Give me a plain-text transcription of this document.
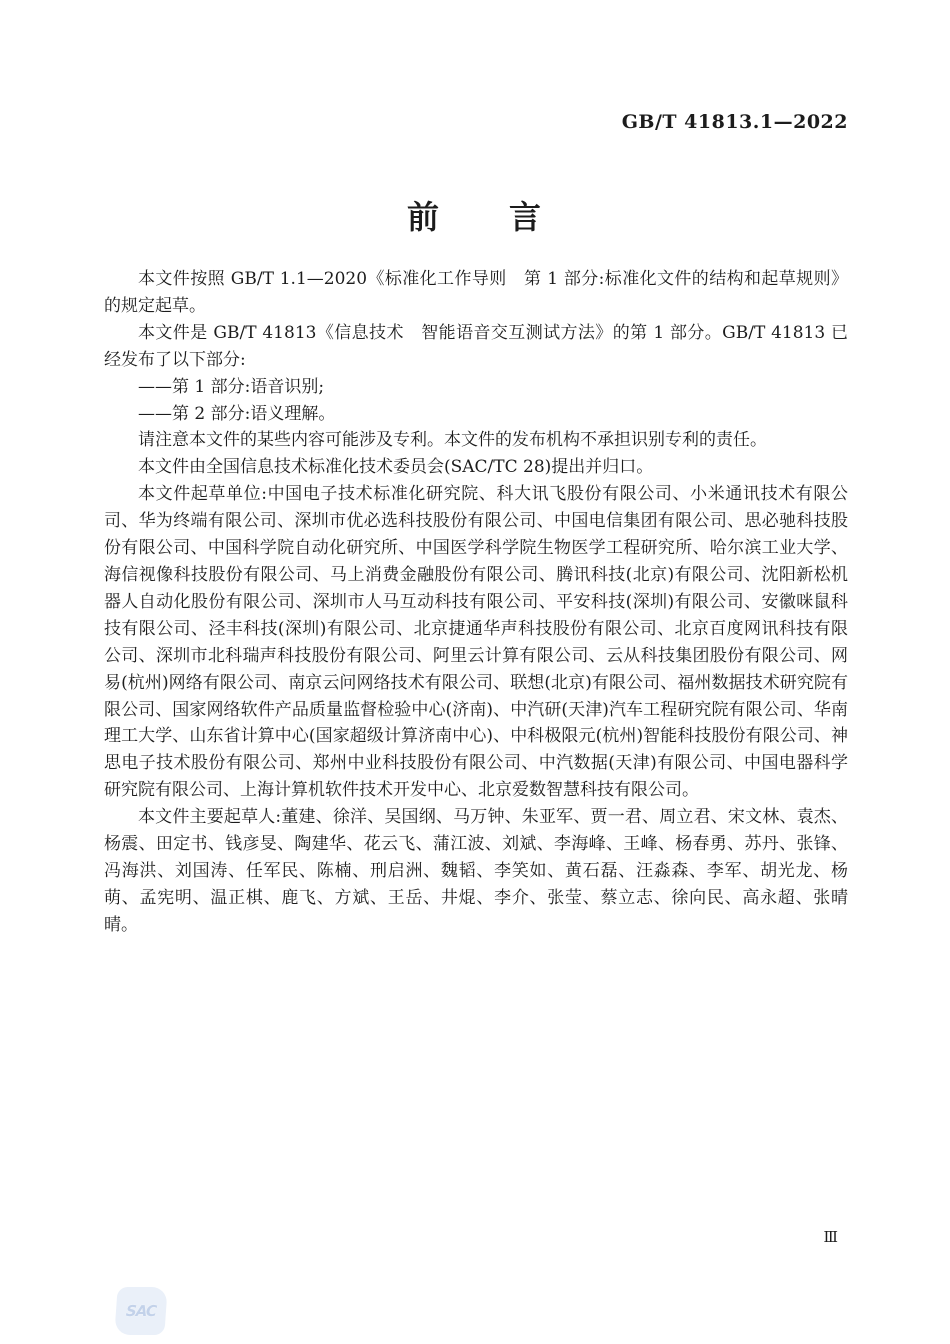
GB/T 41813.1—2022
前　　言

本文件按照 GB/T 1.1—2020《标准化工作导则　第 1 部分:标准化文件的结构和起草规则》的规定起草。

本文件是 GB/T 41813《信息技术　智能语音交互测试方法》的第 1 部分。GB/T 41813 已经发布了以下部分:

——第 1 部分:语音识别;

——第 2 部分:语义理解。

请注意本文件的某些内容可能涉及专利。本文件的发布机构不承担识别专利的责任。

本文件由全国信息技术标准化技术委员会(SAC/TC 28)提出并归口。

本文件起草单位:中国电子技术标准化研究院、科大讯飞股份有限公司、小米通讯技术有限公司、华为终端有限公司、深圳市优必选科技股份有限公司、中国电信集团有限公司、思必驰科技股份有限公司、中国科学院自动化研究所、中国医学科学院生物医学工程研究所、哈尔滨工业大学、海信视像科技股份有限公司、马上消费金融股份有限公司、腾讯科技(北京)有限公司、沈阳新松机器人自动化股份有限公司、深圳市人马互动科技有限公司、平安科技(深圳)有限公司、安徽咪鼠科技有限公司、泾丰科技(深圳)有限公司、北京捷通华声科技股份有限公司、北京百度网讯科技有限公司、深圳市北科瑞声科技股份有限公司、阿里云计算有限公司、云从科技集团股份有限公司、网易(杭州)网络有限公司、南京云问网络技术有限公司、联想(北京)有限公司、福州数据技术研究院有限公司、国家网络软件产品质量监督检验中心(济南)、中汽研(天津)汽车工程研究院有限公司、华南理工大学、山东省计算中心(国家超级计算济南中心)、中科极限元(杭州)智能科技股份有限公司、神思电子技术股份有限公司、郑州中业科技股份有限公司、中汽数据(天津)有限公司、中国电器科学研究院有限公司、上海计算机软件技术开发中心、北京爱数智慧科技有限公司。

本文件主要起草人:董建、徐洋、吴国纲、马万钟、朱亚军、贾一君、周立君、宋文林、袁杰、杨震、田定书、钱彦旻、陶建华、花云飞、蒲江波、刘斌、李海峰、王峰、杨春勇、苏丹、张锋、冯海洪、刘国涛、任军民、陈楠、刑启洲、魏韬、李笑如、黄石磊、汪淼森、李军、胡光龙、杨萌、孟宪明、温正棋、鹿飞、方斌、王岳、井焜、李介、张莹、蔡立志、徐向民、高永超、张晴晴。

Ⅲ
SAC
